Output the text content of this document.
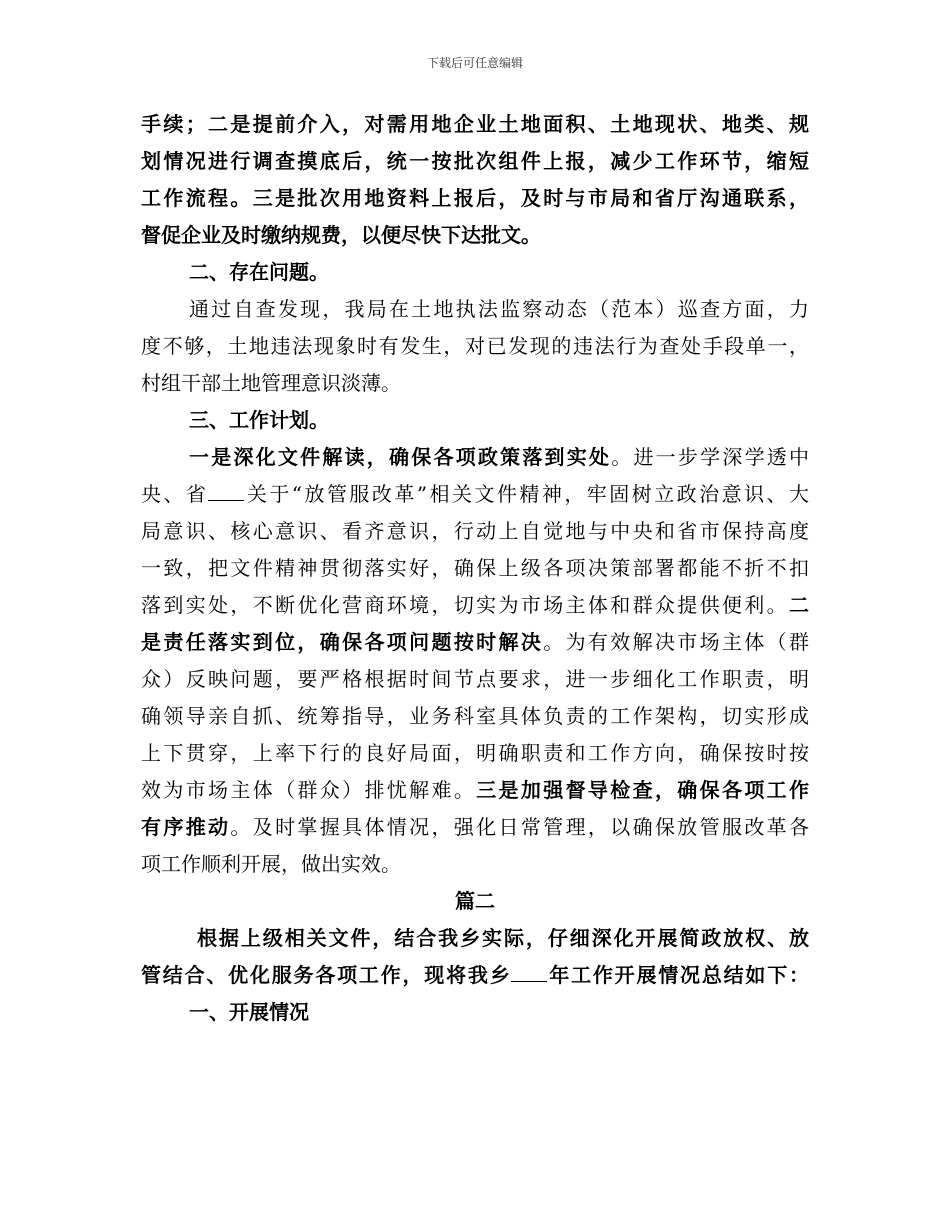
下载后可任意编辑
手续；二是提前介入，对需用地企业土地面积、土地现状、地类、规
划情况进行调查摸底后，统一按批次组件上报，减少工作环节，缩短
工作流程。三是批次用地资料上报后，及时与市局和省厅沟通联系，
督促企业及时缴纳规费，以便尽快下达批文。
二、存在问题。
通过自查发现，我局在土地执法监察动态（范本）巡查方面，力
度不够，土地违法现象时有发生，对已发现的违法行为查处手段单一，
村组干部土地管理意识淡薄。
三、工作计划。
一是深化文件解读，确保各项政策落到实处。进一步学深学透中
央、省 关于“放管服改革”相关文件精神，牢固树立政治意识、大
局意识、核心意识、看齐意识，行动上自觉地与中央和省市保持高度
一致，把文件精神贯彻落实好，确保上级各项决策部署都能不折不扣
落到实处，不断优化营商环境，切实为市场主体和群众提供便利。二
是责任落实到位，确保各项问题按时解决。为有效解决市场主体（群
众）反映问题，要严格根据时间节点要求，进一步细化工作职责，明
确领导亲自抓、统筹指导，业务科室具体负责的工作架构，切实形成
上下贯穿，上率下行的良好局面，明确职责和工作方向，确保按时按
效为市场主体（群众）排忧解难。三是加强督导检查，确保各项工作
有序推动。及时掌握具体情况，强化日常管理，以确保放管服改革各
项工作顺利开展，做出实效。
篇二
根据上级相关文件，结合我乡实际，仔细深化开展简政放权、放
管结合、优化服务各项工作，现将我乡 年工作开展情况总结如下：
一、开展情况
